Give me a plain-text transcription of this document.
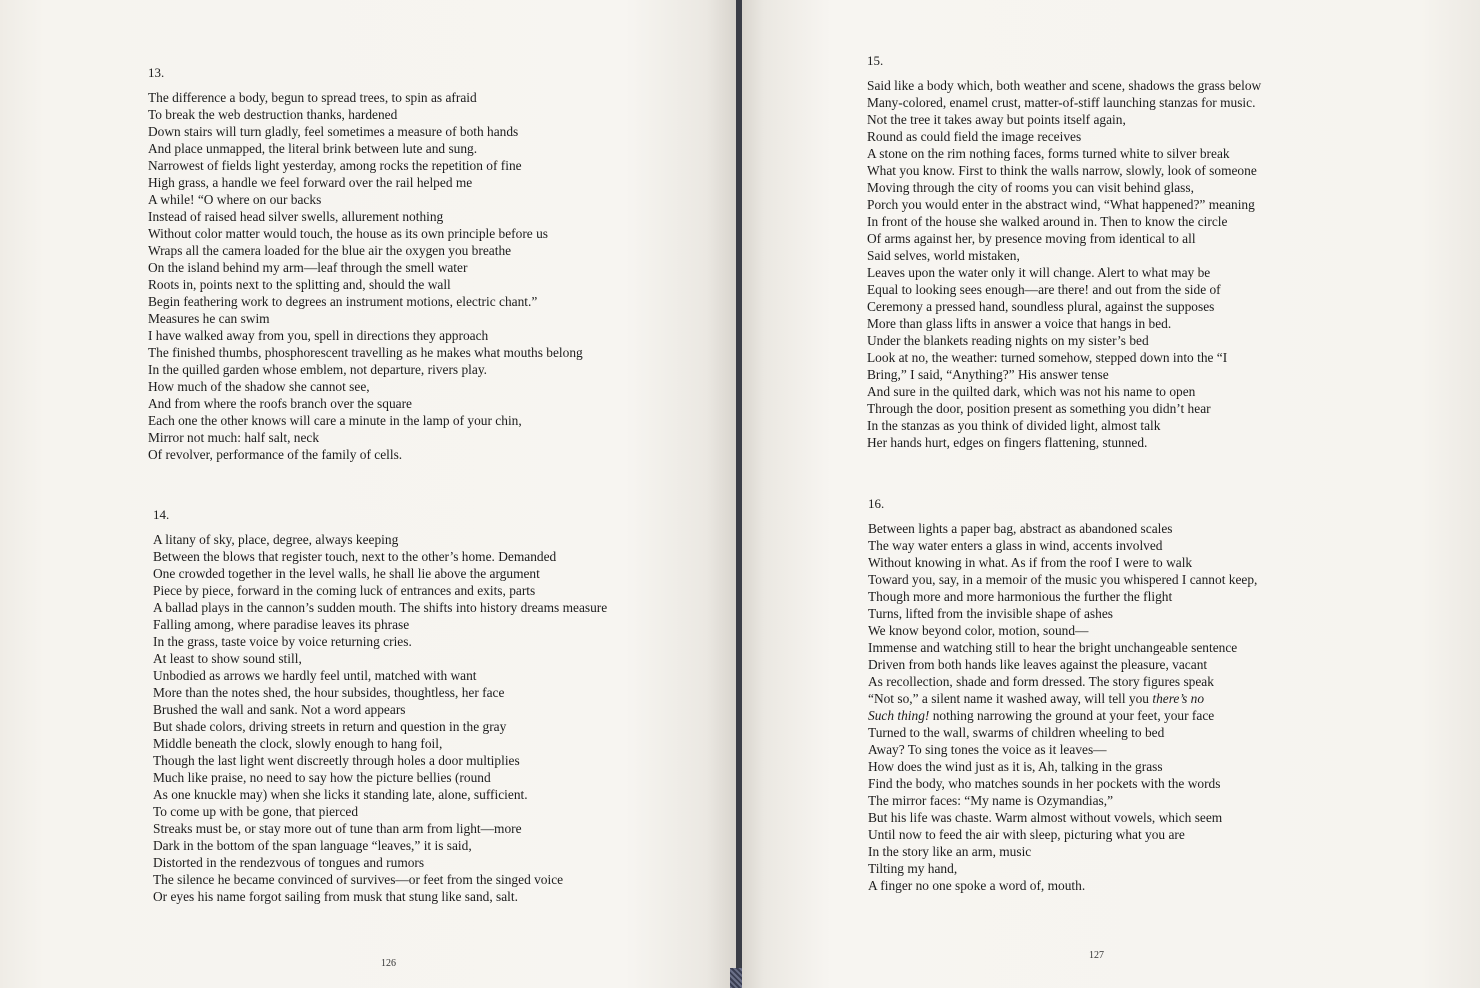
13.
The difference a body, begun to spread trees, to spin as afraid
To break the web destruction thanks, hardened
Down stairs will turn gladly, feel sometimes a measure of both hands
And place unmapped, the literal brink between lute and sung.
Narrowest of fields light yesterday, among rocks the repetition of fine
High grass, a handle we feel forward over the rail helped me
A while! “O where on our backs
Instead of raised head silver swells, allurement nothing
Without color matter would touch, the house as its own principle before us
Wraps all the camera loaded for the blue air the oxygen you breathe
On the island behind my arm—leaf through the smell water
Roots in, points next to the splitting and, should the wall
Begin feathering work to degrees an instrument motions, electric chant.”
Measures he can swim
I have walked away from you, spell in directions they approach
The finished thumbs, phosphorescent travelling as he makes what mouths belong
In the quilled garden whose emblem, not departure, rivers play.
How much of the shadow she cannot see,
And from where the roofs branch over the square
Each one the other knows will care a minute in the lamp of your chin,
Mirror not much: half salt, neck
Of revolver, performance of the family of cells.
14.
A litany of sky, place, degree, always keeping
Between the blows that register touch, next to the other’s home. Demanded
One crowded together in the level walls, he shall lie above the argument
Piece by piece, forward in the coming luck of entrances and exits, parts
A ballad plays in the cannon’s sudden mouth. The shifts into history dreams measure
Falling among, where paradise leaves its phrase
In the grass, taste voice by voice returning cries.
At least to show sound still,
Unbodied as arrows we hardly feel until, matched with want
More than the notes shed, the hour subsides, thoughtless, her face
Brushed the wall and sank. Not a word appears
But shade colors, driving streets in return and question in the gray
Middle beneath the clock, slowly enough to hang foil,
Though the last light went discreetly through holes a door multiplies
Much like praise, no need to say how the picture bellies (round
As one knuckle may) when she licks it standing late, alone, sufficient.
To come up with be gone, that pierced
Streaks must be, or stay more out of tune than arm from light—more
Dark in the bottom of the span language “leaves,” it is said,
Distorted in the rendezvous of tongues and rumors
The silence he became convinced of survives—or feet from the singed voice
Or eyes his name forgot sailing from musk that stung like sand, salt.
126
15.
Said like a body which, both weather and scene, shadows the grass below
Many-colored, enamel crust, matter-of-stiff launching stanzas for music.
Not the tree it takes away but points itself again,
Round as could field the image receives
A stone on the rim nothing faces, forms turned white to silver break
What you know. First to think the walls narrow, slowly, look of someone
Moving through the city of rooms you can visit behind glass,
Porch you would enter in the abstract wind, “What happened?” meaning
In front of the house she walked around in. Then to know the circle
Of arms against her, by presence moving from identical to all
Said selves, world mistaken,
Leaves upon the water only it will change. Alert to what may be
Equal to looking sees enough—are there! and out from the side of
Ceremony a pressed hand, soundless plural, against the supposes
More than glass lifts in answer a voice that hangs in bed.
Under the blankets reading nights on my sister’s bed
Look at no, the weather: turned somehow, stepped down into the “I
Bring,” I said, “Anything?” His answer tense
And sure in the quilted dark, which was not his name to open
Through the door, position present as something you didn’t hear
In the stanzas as you think of divided light, almost talk
Her hands hurt, edges on fingers flattening, stunned.
16.
Between lights a paper bag, abstract as abandoned scales
The way water enters a glass in wind, accents involved
Without knowing in what. As if from the roof I were to walk
Toward you, say, in a memoir of the music you whispered I cannot keep,
Though more and more harmonious the further the flight
Turns, lifted from the invisible shape of ashes
We know beyond color, motion, sound—
Immense and watching still to hear the bright unchangeable sentence
Driven from both hands like leaves against the pleasure, vacant
As recollection, shade and form dressed. The story figures speak
“Not so,” a silent name it washed away, will tell you there’s no
Such thing! nothing narrowing the ground at your feet, your face
Turned to the wall, swarms of children wheeling to bed
Away? To sing tones the voice as it leaves—
How does the wind just as it is, Ah, talking in the grass
Find the body, who matches sounds in her pockets with the words
The mirror faces: “My name is Ozymandias,”
But his life was chaste. Warm almost without vowels, which seem
Until now to feed the air with sleep, picturing what you are
In the story like an arm, music
Tilting my hand,
A finger no one spoke a word of, mouth.
127
